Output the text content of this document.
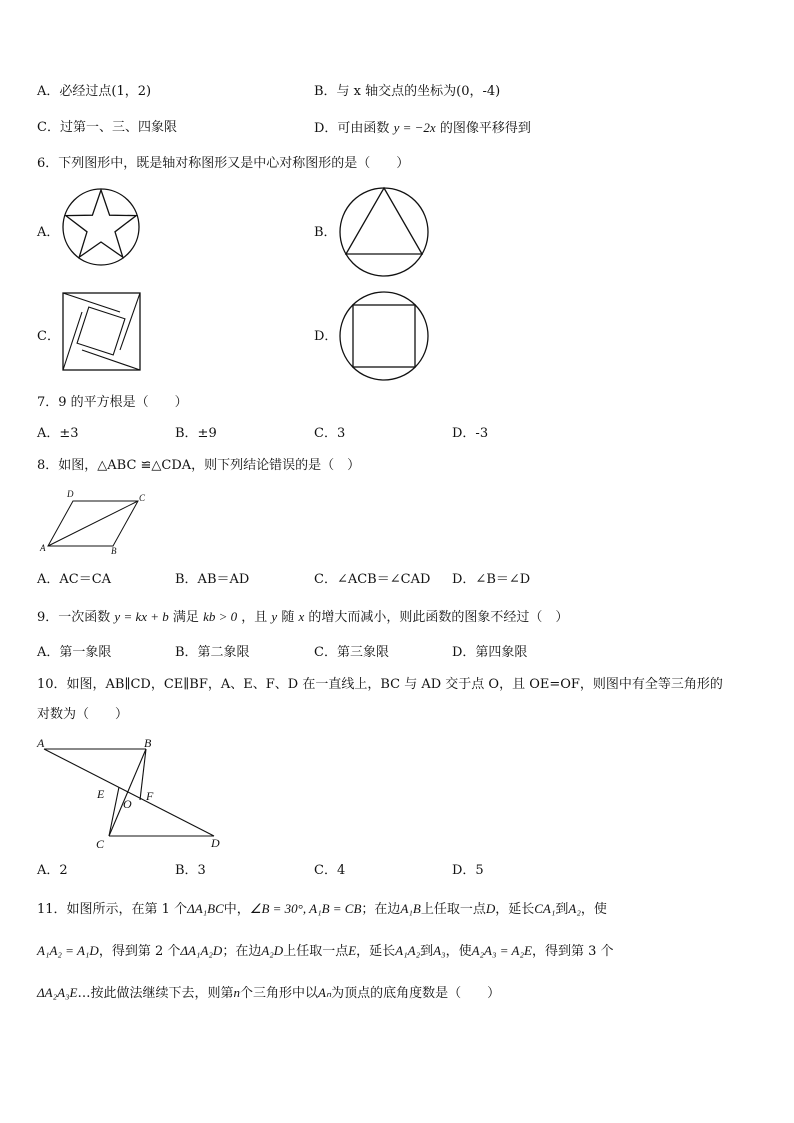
A．必经过点(1，2)	B．与 x 轴交点的坐标为(0，-4)
C．过第一、三、四象限	D．可由函数 y = −2x 的图像平移得到
6．下列图形中，既是轴对称图形又是中心对称图形的是（　　）
A．	B．
C．	D．
7．9 的平方根是（　　）
A．±3	B．±9	C．3	D．-3
8．如图，△ABC ≌△CDA，则下列结论错误的是（　）
D	C
A	B
A．AC＝CA	B．AB＝AD	C．∠ACB＝∠CAD D．∠B＝∠D
9．一次函数 y = kx + b 满足 kb > 0 ，且 y 随 x 的增大而减小，则此函数的图象不经过（　）
A．第一象限	B．第二象限	C．第三象限	D．第四象限
10．如图，AB∥CD，CE∥BF，A、E、F、D 在一直线上，BC 与 AD 交于点 O，且 OE=OF，则图中有全等三角形的
对数为（　　）
A	B
E
O
F
C	D
A．2	B．3	C．4	D．5
11．如图所示，在第 1 个ΔA₁BC中，∠B = 30°, A₁B = CB；在边A₁B上任取一点D，延长CA₁到A₂，使
A₁A₂ = A₁D，得到第 2 个ΔA₁A₂D；在边A₂D上任取一点E，延长A₁A₂到A₃，使A₂A₃ = A₂E，得到第 3 个
ΔA₂A₃E…按此做法继续下去，则第n个三角形中以Aₙ为顶点的底角度数是（　　）
